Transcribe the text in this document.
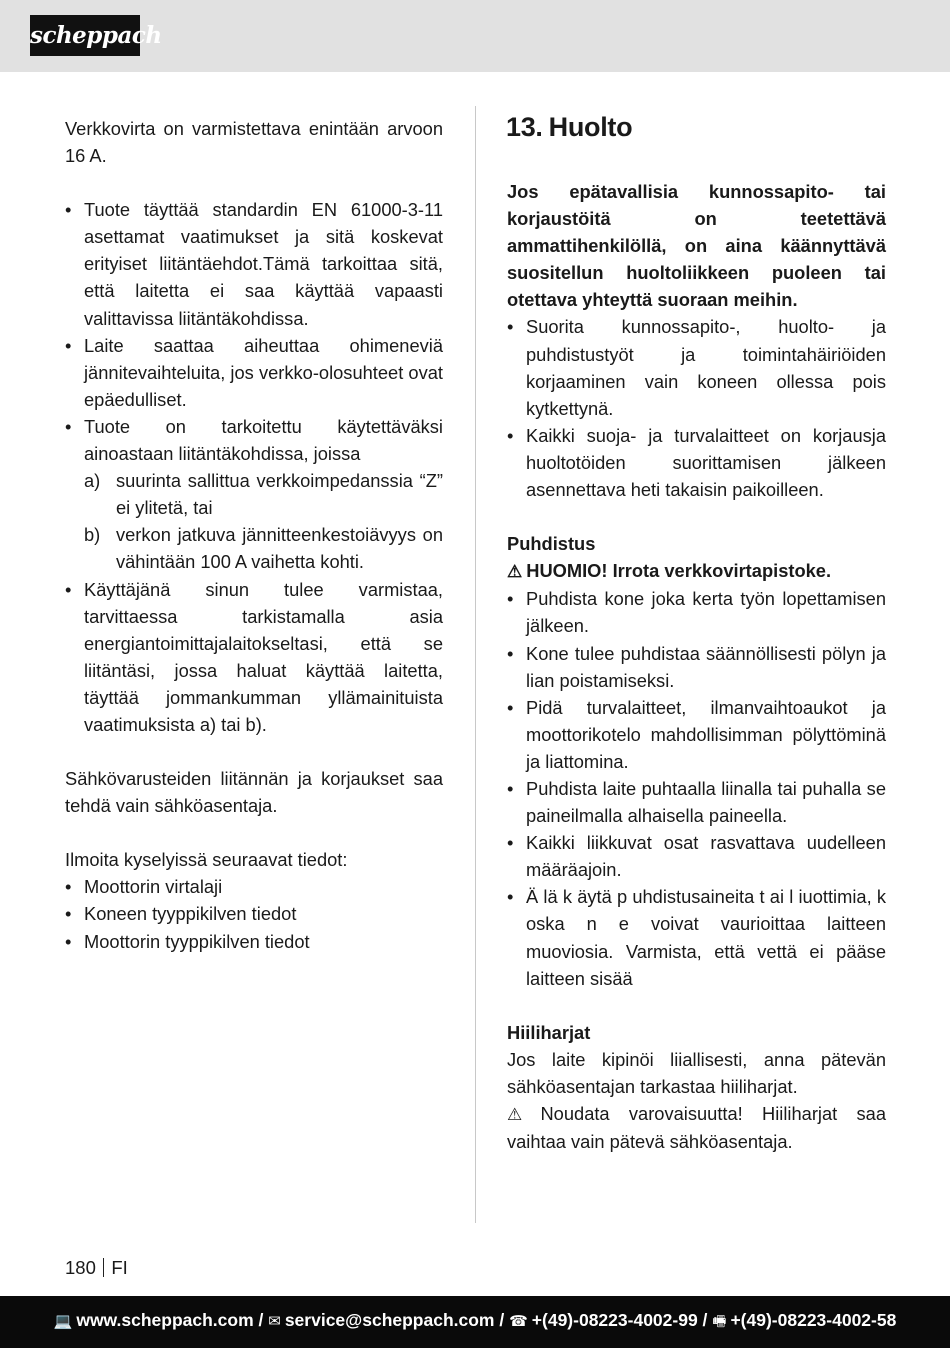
scheppach

Verkkovirta on varmistettava enintään arvoon 16 A.

• Tuote täyttää standardin EN 61000-3-11 asettamat vaatimukset ja sitä koskevat erityiset liitäntäehdot.Tämä tarkoittaa sitä, että laitetta ei saa käyttää vapaasti valittavissa liitäntäkohdissa.
• Laite saattaa aiheuttaa ohimeneviä jännitevaihteluita, jos verkko-olosuhteet ovat epäedulliset.
• Tuote on tarkoitettu käytettäväksi ainoastaan liitäntäkohdissa, joissa
a) suurinta sallittua verkkoimpedanssia “Z” ei ylitetä, tai
b) verkon jatkuva jännitteenkestoiävyys on vähintään 100 A vaihetta kohti.
• Käyttäjänä sinun tulee varmistaa, tarvittaessa tarkistamalla asia energiantoimittajalaitokseltasi, että se liitäntäsi, jossa haluat käyttää laitetta, täyttää jommankumman yllämainituista vaatimuksista a) tai b).

Sähkövarusteiden liitännän ja korjaukset saa tehdä vain sähköasentaja.

Ilmoita kyselyissä seuraavat tiedot:

• Moottorin virtalaji
• Koneen tyyppikilven tiedot
• Moottorin tyyppikilven tiedot
13. Huolto

Jos epätavallisia kunnossapito- tai korjaustöitä on teetettävä ammattihenkilöllä, on aina käännyttävä suositellun huoltoliikkeen puoleen tai otettava yhteyttä suoraan meihin.

• Suorita kunnossapito-, huolto- ja puhdistustyöt ja toimintahäiriöiden korjaaminen vain koneen ollessa pois kytkettynä.
• Kaikki suoja- ja turvalaitteet on korjausja huoltotöiden suorittamisen jälkeen asennettava heti takaisin paikoilleen.
Puhdistus
⚠ HUOMIO! Irrota verkkovirtapistoke.
• Puhdista kone joka kerta työn lopettamisen jälkeen.
• Kone tulee puhdistaa säännöllisesti pölyn ja lian poistamiseksi.
• Pidä turvalaitteet, ilmanvaihtoaukot ja moottorikotelo mahdollisimman pölyttöminä ja liattomina.
• Puhdista laite puhtaalla liinalla tai puhalla se paineilmalla alhaisella paineella.
• Kaikki liikkuvat osat rasvattava uudelleen määräajoin.
• Ä lä k äytä p uhdistusaineita t ai l iuottimia, k oska n e voivat vaurioittaa laitteen muoviosia. Varmista, että vettä ei pääse laitteen sisää
Hiiliharjat

Jos laite kipinöi liiallisesti, anna pätevän sähköasentajan tarkastaa hiiliharjat.

⚠ Noudata varovaisuutta! Hiiliharjat saa vaihtaa vain pätevä sähköasentaja.

180 FI
💻 www.scheppach.com / ✉ service@scheppach.com / ☎ +(49)-08223-4002-99 / 🖷 +(49)-08223-4002-58
